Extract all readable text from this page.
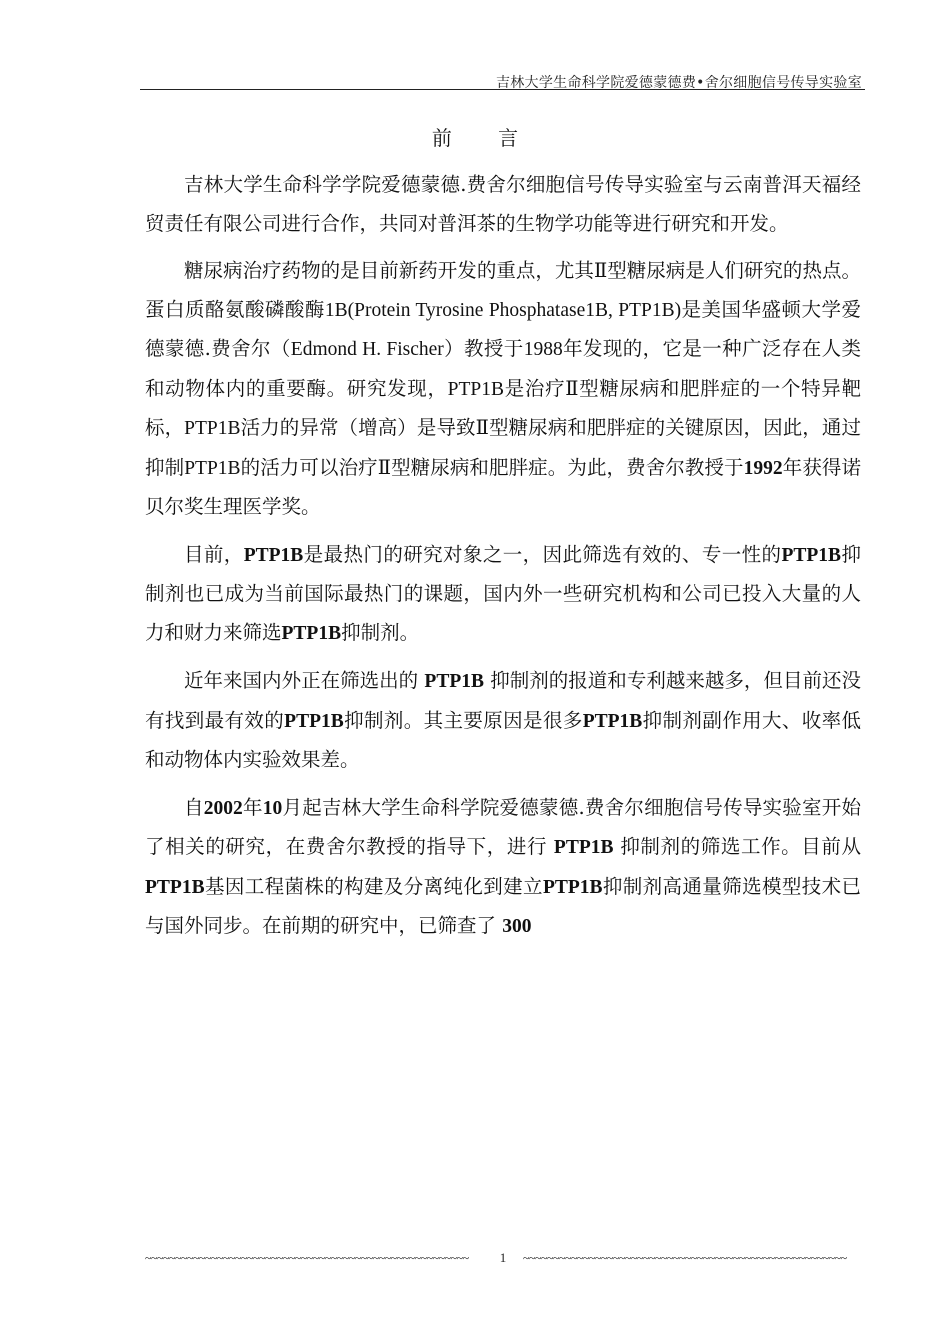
吉林大学生命科学院爱德蒙德费•舍尔细胞信号传导实验室
前 言

吉林大学生命科学学院爱德蒙德.费舍尔细胞信号传导实验室与云南普洱天福经贸责任有限公司进行合作，共同对普洱茶的生物学功能等进行研究和开发。

糖尿病治疗药物的是目前新药开发的重点，尤其Ⅱ型糖尿病是人们研究的热点。蛋白质酪氨酸磷酸酶1B(Protein Tyrosine Phosphatase1B, PTP1B)是美国华盛顿大学爱德蒙德.费舍尔（Edmond H. Fischer）教授于1988年发现的，它是一种广泛存在人类和动物体内的重要酶。研究发现，PTP1B是治疗Ⅱ型糖尿病和肥胖症的一个特异靶标，PTP1B活力的异常（增高）是导致Ⅱ型糖尿病和肥胖症的关键原因，因此，通过抑制PTP1B的活力可以治疗Ⅱ型糖尿病和肥胖症。为此，费舍尔教授于1992年获得诺贝尔奖生理医学奖。

目前，PTP1B是最热门的研究对象之一，因此筛选有效的、专一性的PTP1B抑制剂也已成为当前国际最热门的课题，国内外一些研究机构和公司已投入大量的人力和财力来筛选PTP1B抑制剂。

近年来国内外正在筛选出的 PTP1B 抑制剂的报道和专利越来越多，但目前还没有找到最有效的PTP1B抑制剂。其主要原因是很多PTP1B抑制剂副作用大、收率低和动物体内实验效果差。

自2002年10月起吉林大学生命科学院爱德蒙德.费舍尔细胞信号传导实验室开始了相关的研究，在费舍尔教授的指导下，进行 PTP1B 抑制剂的筛选工作。目前从PTP1B基因工程菌株的构建及分离纯化到建立PTP1B抑制剂高通量筛选模型技术已与国外同步。在前期的研究中，已筛查了 300

~~~~~~~~~~~~~~~~~~~~~~~~~~~~~~~~~~~~~~~~~~~~~~~~~~~~~~	1	~~~~~~~~~~~~~~~~~~~~~~~~~~~~~~~~~~~~~~~~~~~~~~~~~~~~~~
